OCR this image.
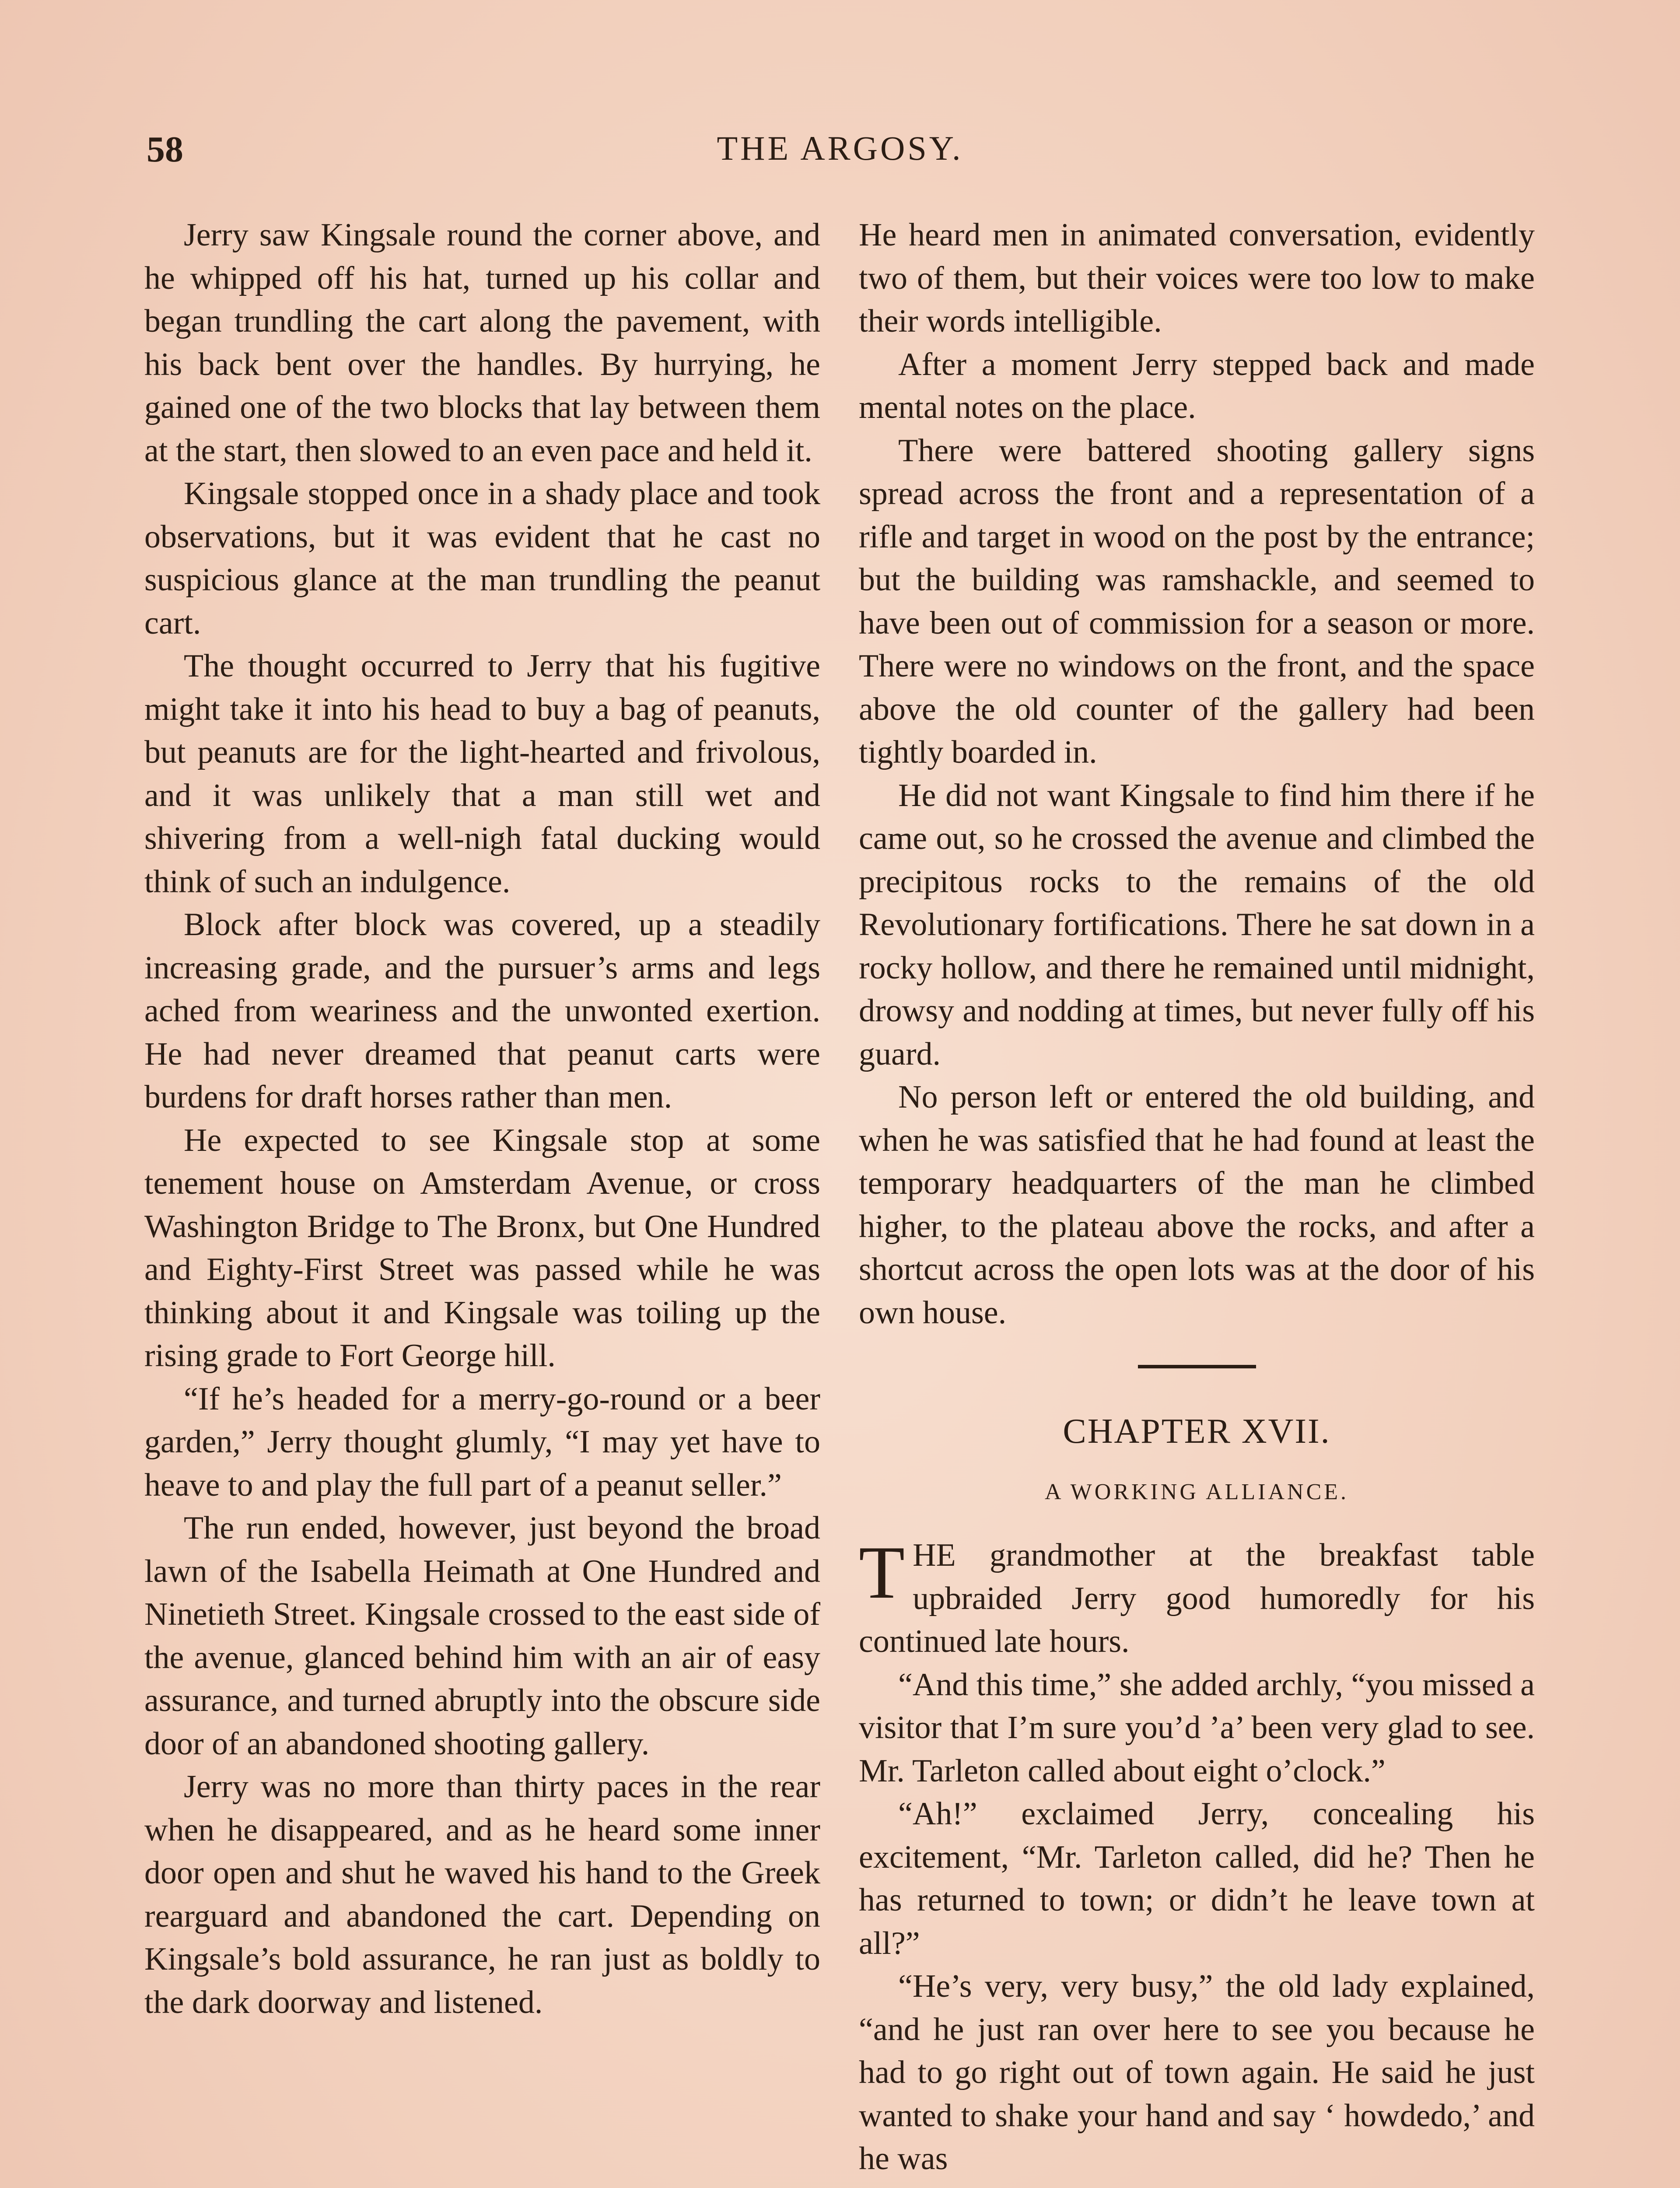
58	THE ARGOSY.

Jerry saw Kingsale round the corner above, and he whipped off his hat, turned up his collar and began trundling the cart along the pavement, with his back bent over the handles. By hurrying, he gained one of the two blocks that lay between them at the start, then slowed to an even pace and held it.

Kingsale stopped once in a shady place and took observations, but it was evident that he cast no suspicious glance at the man trundling the peanut cart.

The thought occurred to Jerry that his fugitive might take it into his head to buy a bag of peanuts, but peanuts are for the light-hearted and frivolous, and it was unlikely that a man still wet and shivering from a well-nigh fatal ducking would think of such an indulgence.

Block after block was covered, up a steadily increasing grade, and the pursuer’s arms and legs ached from weariness and the unwonted exertion. He had never dreamed that peanut carts were burdens for draft horses rather than men.

He expected to see Kingsale stop at some tenement house on Amsterdam Avenue, or cross Washington Bridge to The Bronx, but One Hundred and Eighty-First Street was passed while he was thinking about it and Kingsale was toiling up the rising grade to Fort George hill.

“If he’s headed for a merry-go-round or a beer garden,” Jerry thought glumly, “I may yet have to heave to and play the full part of a peanut seller.”

The run ended, however, just beyond the broad lawn of the Isabella Heimath at One Hundred and Ninetieth Street. Kingsale crossed to the east side of the avenue, glanced behind him with an air of easy assurance, and turned abruptly into the obscure side door of an abandoned shooting gallery.

Jerry was no more than thirty paces in the rear when he disappeared, and as he heard some inner door open and shut he waved his hand to the Greek rearguard and abandoned the cart. Depending on Kingsale’s bold assurance, he ran just as boldly to the dark doorway and listened.

He heard men in animated conversation, evidently two of them, but their voices were too low to make their words intelligible.

After a moment Jerry stepped back and made mental notes on the place.

There were battered shooting gallery signs spread across the front and a representation of a rifle and target in wood on the post by the entrance; but the building was ramshackle, and seemed to have been out of commission for a season or more. There were no windows on the front, and the space above the old counter of the gallery had been tightly boarded in.

He did not want Kingsale to find him there if he came out, so he crossed the avenue and climbed the precipitous rocks to the remains of the old Revolutionary fortifications. There he sat down in a rocky hollow, and there he remained until midnight, drowsy and nodding at times, but never fully off his guard.

No person left or entered the old building, and when he was satisfied that he had found at least the temporary headquarters of the man he climbed higher, to the plateau above the rocks, and after a shortcut across the open lots was at the door of his own house.

CHAPTER XVII.
A WORKING ALLIANCE.

THE grandmother at the breakfast table upbraided Jerry good humoredly for his continued late hours.

“And this time,” she added archly, “you missed a visitor that I’m sure you’d ’a’ been very glad to see. Mr. Tarleton called about eight o’clock.”

“Ah!” exclaimed Jerry, concealing his excitement, “Mr. Tarleton called, did he? Then he has returned to town; or didn’t he leave town at all?”

“He’s very, very busy,” the old lady explained, “and he just ran over here to see you because he had to go right out of town again. He said he just wanted to shake your hand and say ‘ howdedo,’ and he was
